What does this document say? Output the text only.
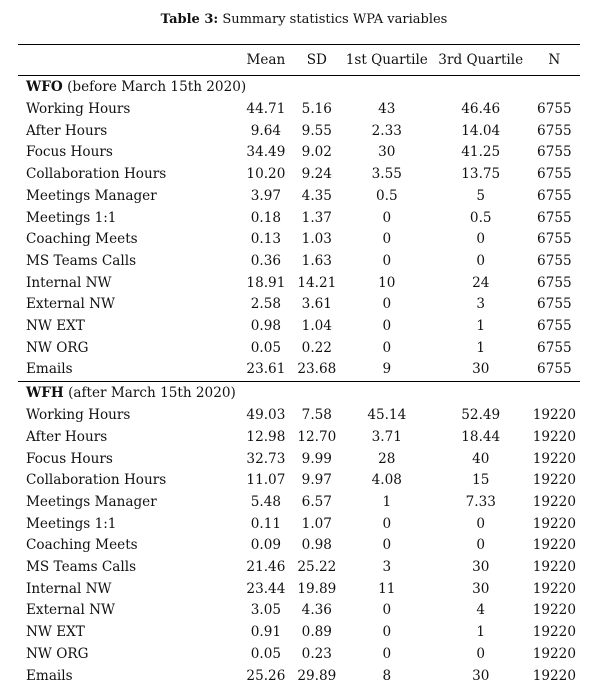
Table 3: Summary statistics WPA variables
	Mean	SD	1st Quartile	3rd Quartile	N
WFO (before March 15th 2020)					
Working Hours	44.71	5.16	43	46.46	6755
After Hours	9.64	9.55	2.33	14.04	6755
Focus Hours	34.49	9.02	30	41.25	6755
Collaboration Hours	10.20	9.24	3.55	13.75	6755
Meetings Manager	3.97	4.35	0.5	5	6755
Meetings 1:1	0.18	1.37	0	0.5	6755
Coaching Meets	0.13	1.03	0	0	6755
MS Teams Calls	0.36	1.63	0	0	6755
Internal NW	18.91	14.21	10	24	6755
External NW	2.58	3.61	0	3	6755
NW EXT	0.98	1.04	0	1	6755
NW ORG	0.05	0.22	0	1	6755
Emails	23.61	23.68	9	30	6755
WFH (after March 15th 2020)					
Working Hours	49.03	7.58	45.14	52.49	19220
After Hours	12.98	12.70	3.71	18.44	19220
Focus Hours	32.73	9.99	28	40	19220
Collaboration Hours	11.07	9.97	4.08	15	19220
Meetings Manager	5.48	6.57	1	7.33	19220
Meetings 1:1	0.11	1.07	0	0	19220
Coaching Meets	0.09	0.98	0	0	19220
MS Teams Calls	21.46	25.22	3	30	19220
Internal NW	23.44	19.89	11	30	19220
External NW	3.05	4.36	0	4	19220
NW EXT	0.91	0.89	0	1	19220
NW ORG	0.05	0.23	0	0	19220
Emails	25.26	29.89	8	30	19220
